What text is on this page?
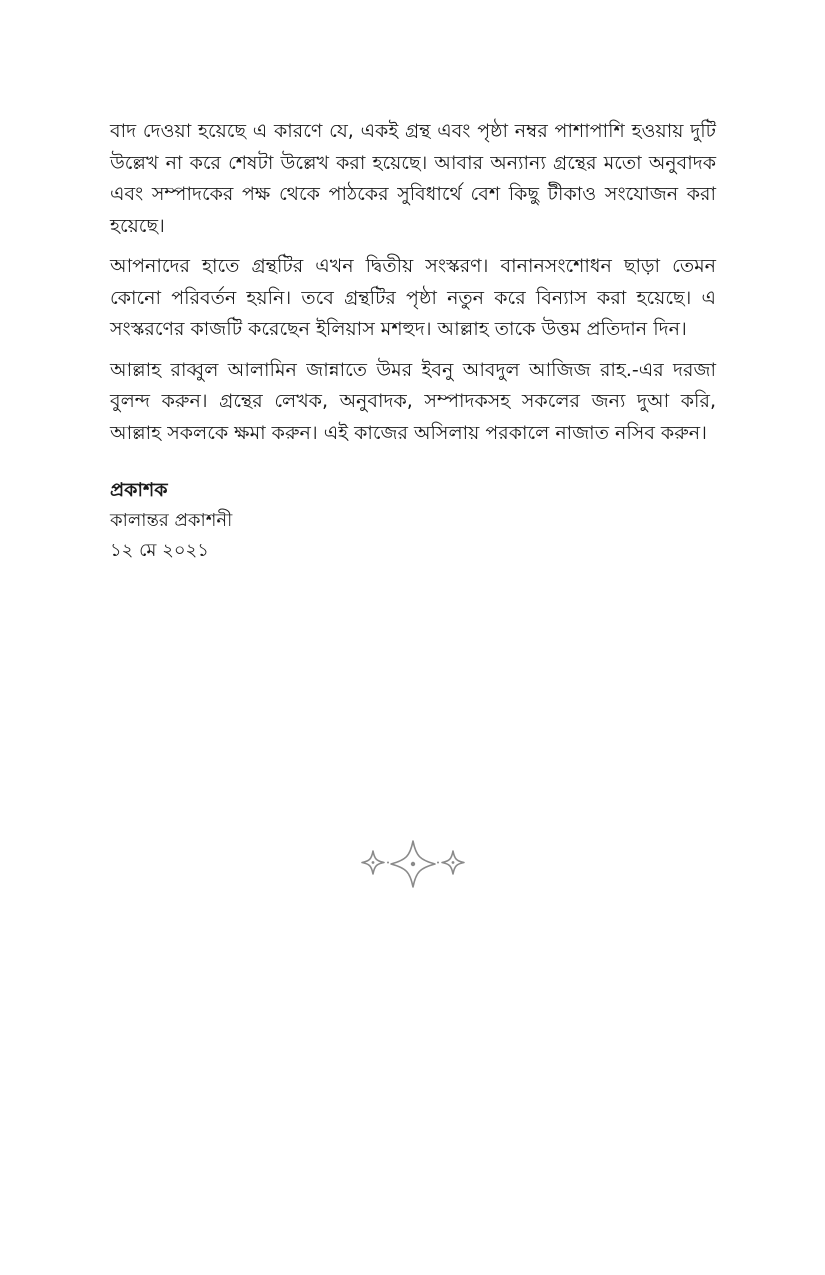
বাদ দেওয়া হয়েছে এ কারণে যে, একই গ্রন্থ এবং পৃষ্ঠা নম্বর পাশাপাশি হওয়ায় দুটি উল্লেখ না করে শেষটা উল্লেখ করা হয়েছে। আবার অন্যান্য গ্রন্থের মতো অনুবাদক এবং সম্পাদকের পক্ষ থেকে পাঠকের সুবিধার্থে বেশ কিছু টীকাও সংযোজন করা হয়েছে।

আপনাদের হাতে গ্রন্থটির এখন দ্বিতীয় সংস্করণ। বানানসংশোধন ছাড়া তেমন কোনো পরিবর্তন হয়নি। তবে গ্রন্থটির পৃষ্ঠা নতুন করে বিন্যাস করা হয়েছে। এ সংস্করণের কাজটি করেছেন ইলিয়াস মশহুদ। আল্লাহ তাকে উত্তম প্রতিদান দিন।

আল্লাহ রাব্বুল আলামিন জান্নাতে উমর ইবনু আবদুল আজিজ রাহ.-এর দরজা বুলন্দ করুন। গ্রন্থের লেখক, অনুবাদক, সম্পাদকসহ সকলের জন্য দুআ করি, আল্লাহ সকলকে ক্ষমা করুন। এই কাজের অসিলায় পরকালে নাজাত নসিব করুন।

প্রকাশক

কালান্তর প্রকাশনী

১২ মে ২০২১
